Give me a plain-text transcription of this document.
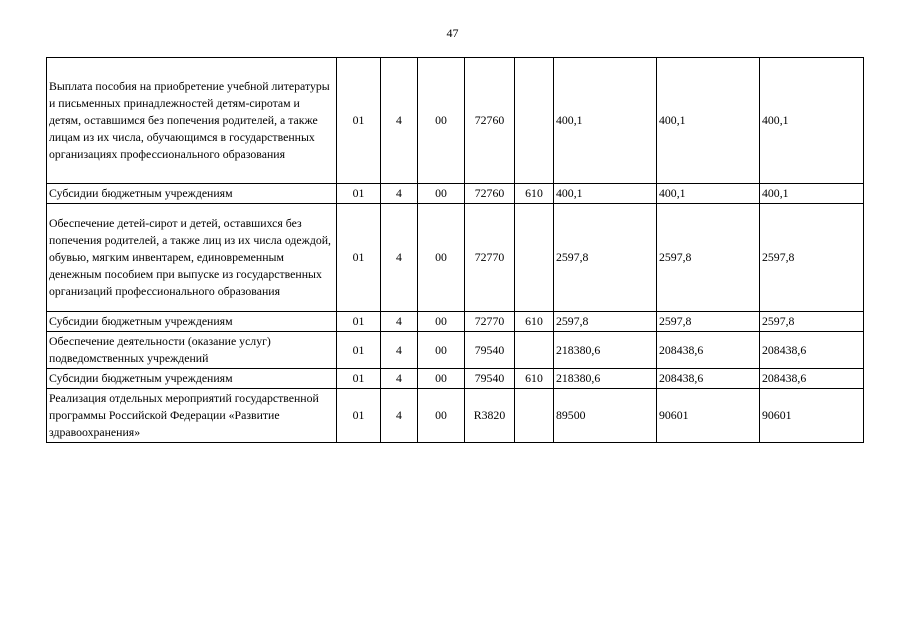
47
Выплата пособия на приобретение учебной литературы и письменных принадлежностей детям-сиротам и детям, оставшимся без попечения родителей, а также лицам из их числа, обучающимся в государственных организациях профессионального образования	01	4	00	72760		400,1	400,1	400,1
Субсидии бюджетным учреждениям	01	4	00	72760	610	400,1	400,1	400,1
Обеспечение детей-сирот и детей, оставшихся без попечения родителей, а также лиц из их числа одеждой, обувью, мягким инвентарем, единовременным денежным пособием при выпуске из государственных организаций профессионального образования	01	4	00	72770		2597,8	2597,8	2597,8
Субсидии бюджетным учреждениям	01	4	00	72770	610	2597,8	2597,8	2597,8
Обеспечение деятельности (оказание услуг) подведомственных учреждений	01	4	00	79540		218380,6	208438,6	208438,6
Субсидии бюджетным учреждениям	01	4	00	79540	610	218380,6	208438,6	208438,6
Реализация отдельных мероприятий государственной программы Российской Федерации «Развитие здравоохранения»	01	4	00	R3820		89500	90601	90601
